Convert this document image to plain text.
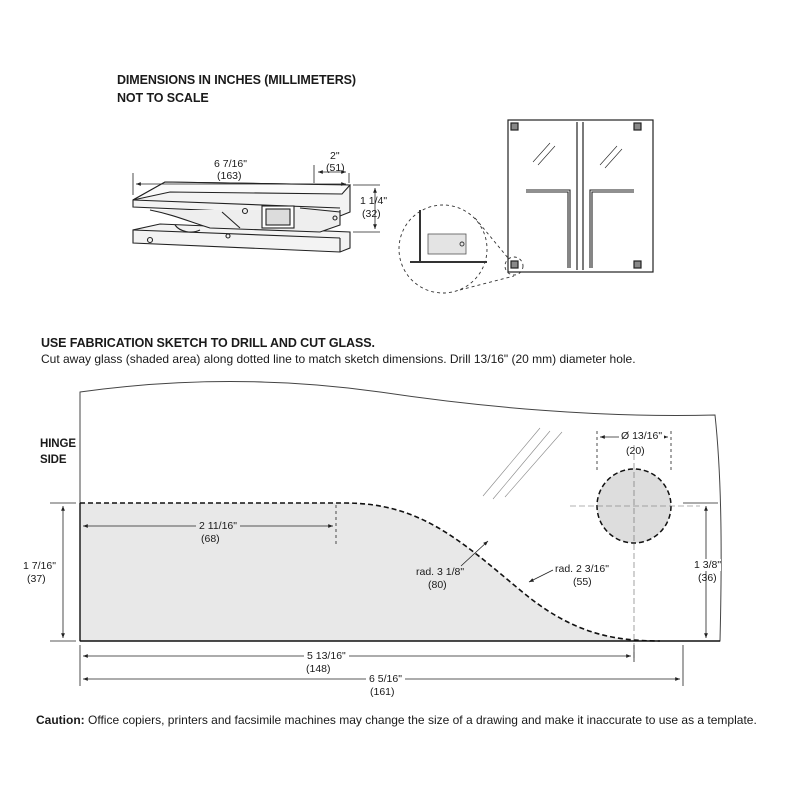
DIMENSIONS IN INCHES (MILLIMETERS)
NOT TO SCALE
6 7/16"
(163)
2"
(51)
1 1/4"
(32)
USE FABRICATION SKETCH TO DRILL AND CUT GLASS.
Cut away glass (shaded area) along dotted line to match sketch dimensions. Drill 13/16" (20 mm) diameter hole.
HINGE
SIDE
Ø 13/16"
(20)
2 11/16"
(68)
1 7/16"
(37)
rad. 3 1/8"
(80)
rad. 2 3/16"
(55)
1 3/8"
(36)
5 13/16"
(148)
6 5/16"
(161)
Caution: Office copiers, printers and facsimile machines may change the size of a drawing and make it inaccurate to use as a template.
